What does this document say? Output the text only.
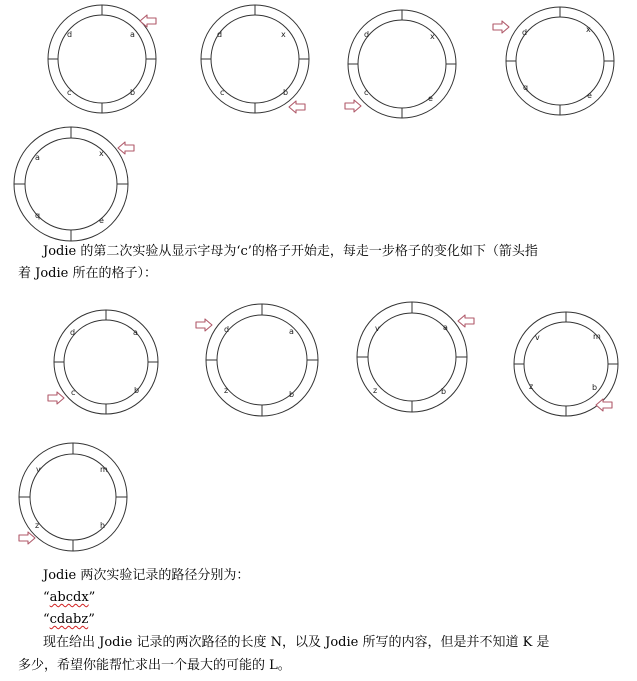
d	a
c	b
d	x
c	b
d	x
c
e
d	x
q
e
a	x
q
e
Jodie 的第二次实验从显示字母为‘c’的格子开始走，每走一步格子的变化如下（箭头指
着 Jodie 所在的格子）：
d	a
c	b
d	a
z	b
v	a
z	b
v	m
z	b
v	m
z	h
Jodie 两次实验记录的路径分别为：
“abcdx”
“cdabz”
现在给出 Jodie 记录的两次路径的长度 N，以及 Jodie 所写的内容，但是并不知道 K 是
多少，希望你能帮忙求出一个最大的可能的 L。
